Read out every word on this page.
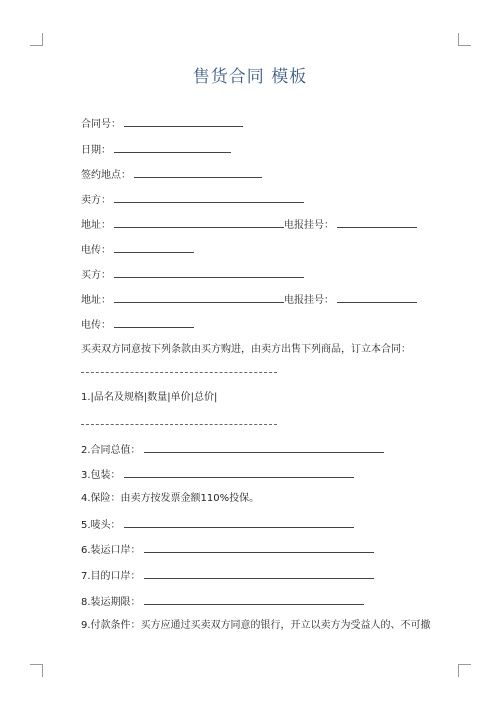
售货合同 模板
合同号：
日期：
签约地点：
卖方：
地址：	电报挂号：
电传：
买方：
地址：	电报挂号：
电传：
买卖双方同意按下列条款由买方购进，由卖方出售下列商品，订立本合同：
1.|品名及规格|数量|单价|总价|
2.合同总值：
3.包装：
4.保险：由卖方按发票金额110%投保。
5.唛头：
6.装运口岸：
7.目的口岸：
8.装运期限：
9.付款条件：买方应通过买卖双方同意的银行，开立以卖方为受益人的、不可撤
